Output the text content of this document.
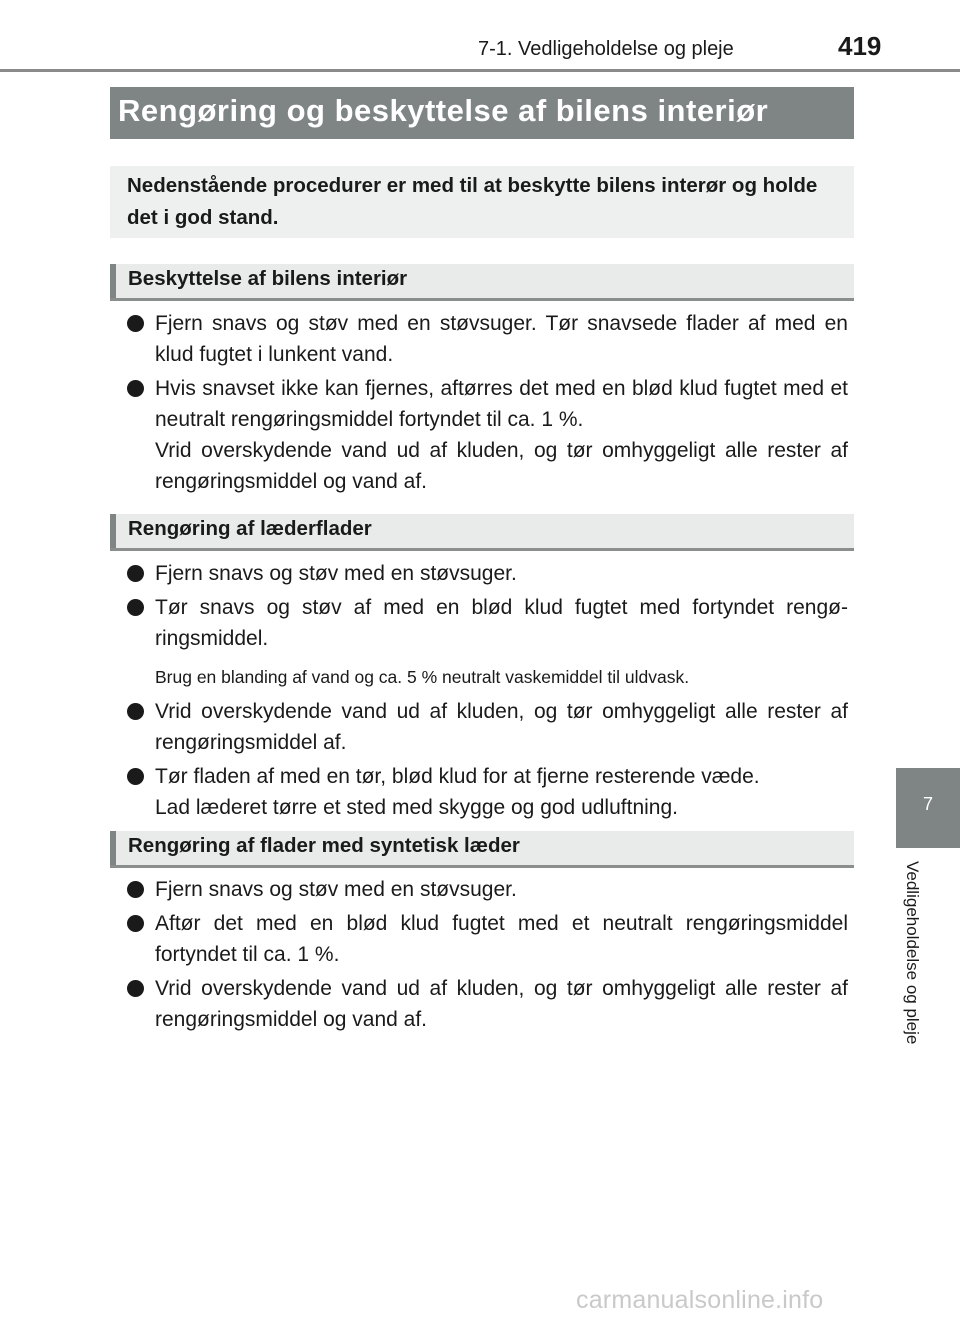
7-1. Vedligeholdelse og pleje	419
Rengøring og beskyttelse af bilens interiør

Nedenstående procedurer er med til at beskytte bilens interør og holde det i god stand.

Beskyttelse af bilens interiør
Fjern snavs og støv med en støvsuger. Tør snavsede flader af med en klud fugtet i lunkent vand.
Hvis snavset ikke kan fjernes, aftørres det med en blød klud fugtet med et neutralt rengøringsmiddel fortyndet til ca. 1 %.
Vrid overskydende vand ud af kluden, og tør omhyggeligt alle rester af rengøringsmiddel og vand af.
Rengøring af læderflader
Fjern snavs og støv med en støvsuger.
Tør snavs og støv af med en blød klud fugtet med fortyndet rengø-ringsmiddel.
Brug en blanding af vand og ca. 5 % neutralt vaskemiddel til uldvask.
Vrid overskydende vand ud af kluden, og tør omhyggeligt alle rester af rengøringsmiddel af.
Tør fladen af med en tør, blød klud for at fjerne resterende væde.
Lad læderet tørre et sted med skygge og god udluftning.
Rengøring af flader med syntetisk læder
Fjern snavs og støv med en støvsuger.
Aftør det med en blød klud fugtet med et neutralt rengøringsmiddel fortyndet til ca. 1 %.
Vrid overskydende vand ud af kluden, og tør omhyggeligt alle rester af rengøringsmiddel og vand af.
7
Vedligeholdelse og pleje
carmanualsonline.info
